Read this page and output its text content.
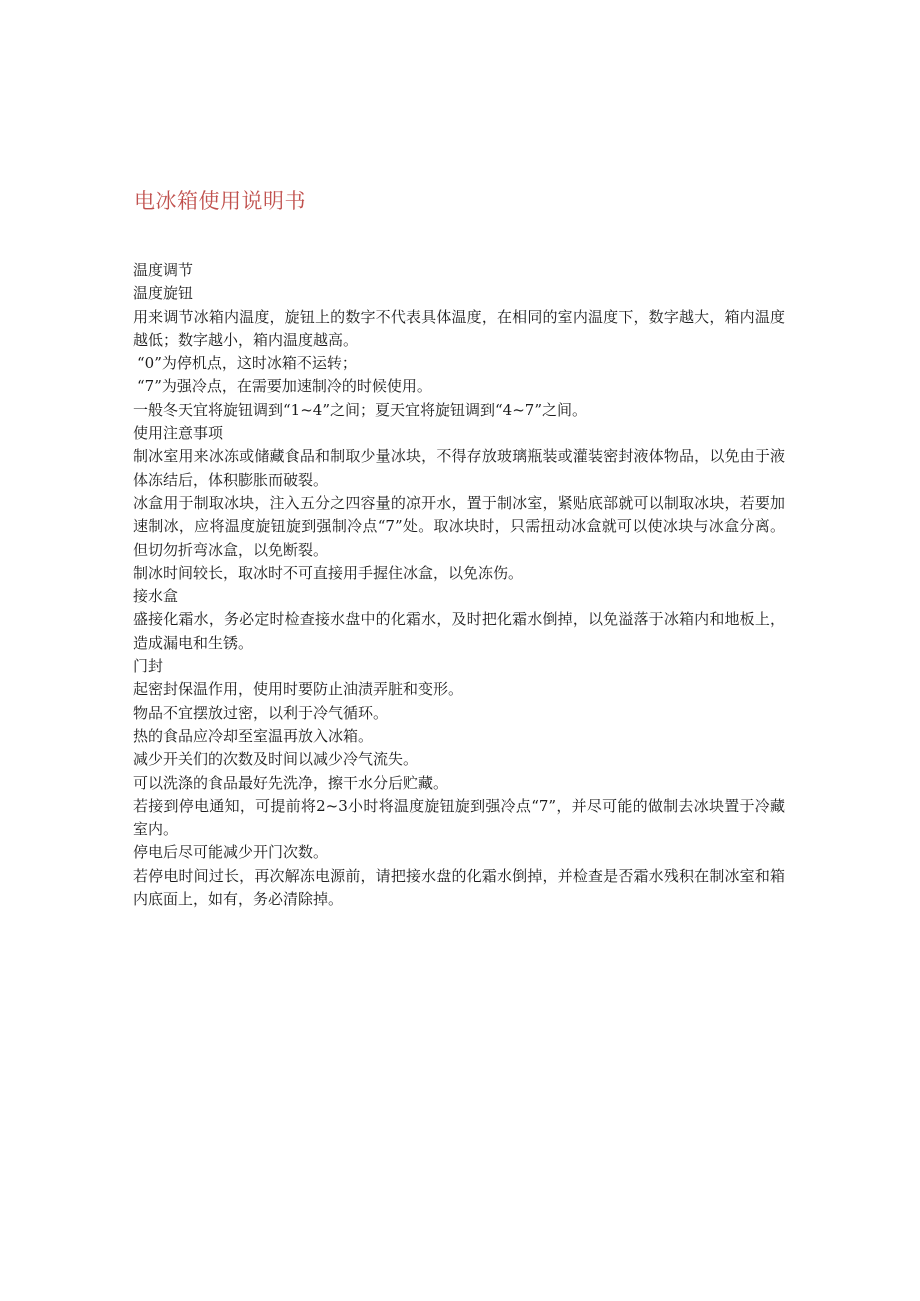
电冰箱使用说明书
温度调节
温度旋钮
用来调节冰箱内温度，旋钮上的数字不代表具体温度，在相同的室内温度下，数字越大，箱内温度越低；数字越小，箱内温度越高。
“0”为停机点，这时冰箱不运转；
“7”为强冷点，在需要加速制冷的时候使用。
一般冬天宜将旋钮调到“1~4”之间；夏天宜将旋钮调到“4~7”之间。
使用注意事项
制冰室用来冰冻或储藏食品和制取少量冰块，不得存放玻璃瓶装或灌装密封液体物品，以免由于液体冻结后，体积膨胀而破裂。
冰盒用于制取冰块，注入五分之四容量的凉开水，置于制冰室，紧贴底部就可以制取冰块，若要加速制冰，应将温度旋钮旋到强制冷点“7”处。取冰块时，只需扭动冰盒就可以使冰块与冰盒分离。但切勿折弯冰盒，以免断裂。
制冰时间较长，取冰时不可直接用手握住冰盒，以免冻伤。
接水盒
盛接化霜水，务必定时检查接水盘中的化霜水，及时把化霜水倒掉，以免溢落于冰箱内和地板上，造成漏电和生锈。
门封
起密封保温作用，使用时要防止油渍弄脏和变形。
物品不宜摆放过密，以利于冷气循环。
热的食品应冷却至室温再放入冰箱。
减少开关们的次数及时间以减少冷气流失。
可以洗涤的食品最好先洗净，擦干水分后贮藏。
若接到停电通知，可提前将2~3小时将温度旋钮旋到强冷点“7”，并尽可能的做制去冰块置于冷藏室内。
停电后尽可能减少开门次数。
若停电时间过长，再次解冻电源前，请把接水盘的化霜水倒掉，并检查是否霜水残积在制冰室和箱内底面上，如有，务必清除掉。
